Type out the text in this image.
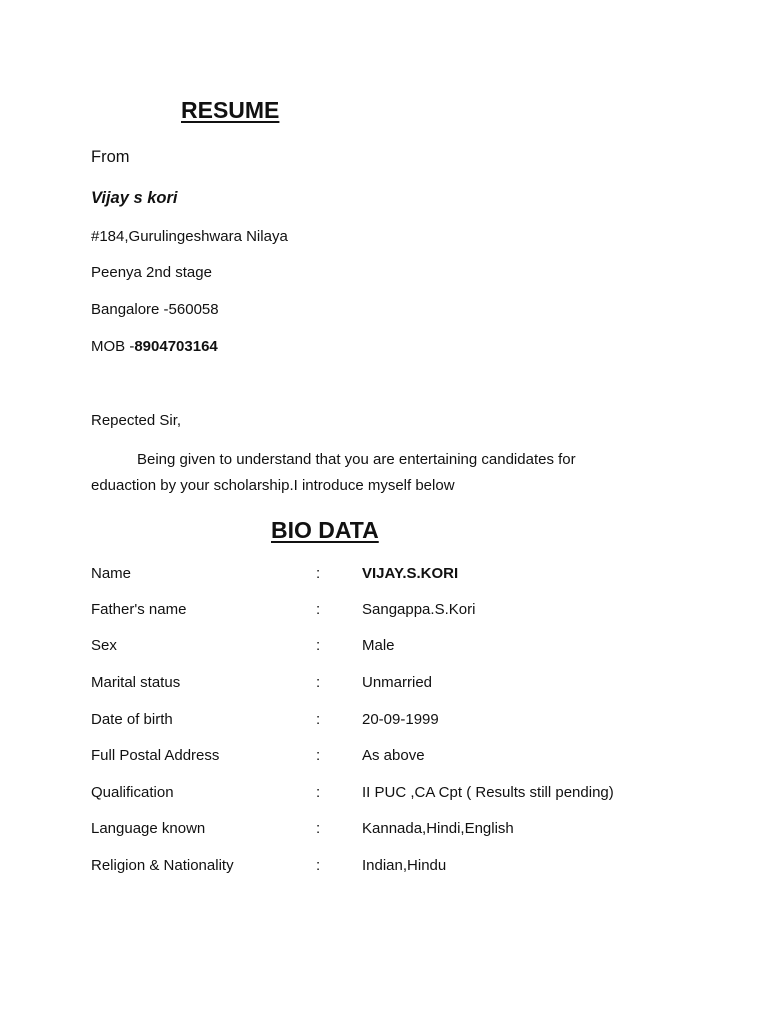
RESUME
From
Vijay s kori
#184,Gurulingeshwara Nilaya
Peenya 2nd stage
Bangalore -560058
MOB -8904703164
Repected Sir,
Being given to understand that you are entertaining candidates for
eduaction by your scholarship.I introduce myself below
BIO DATA
Name	:	VIJAY.S.KORI
Father's name	:	Sangappa.S.Kori
Sex	:	Male
Marital status	:	Unmarried
Date of birth	:	20-09-1999
Full Postal Address	:	As above
Qualification	:	II PUC ,CA Cpt ( Results still pending)
Language known	:	Kannada,Hindi,English
Religion & Nationality	:	Indian,Hindu
